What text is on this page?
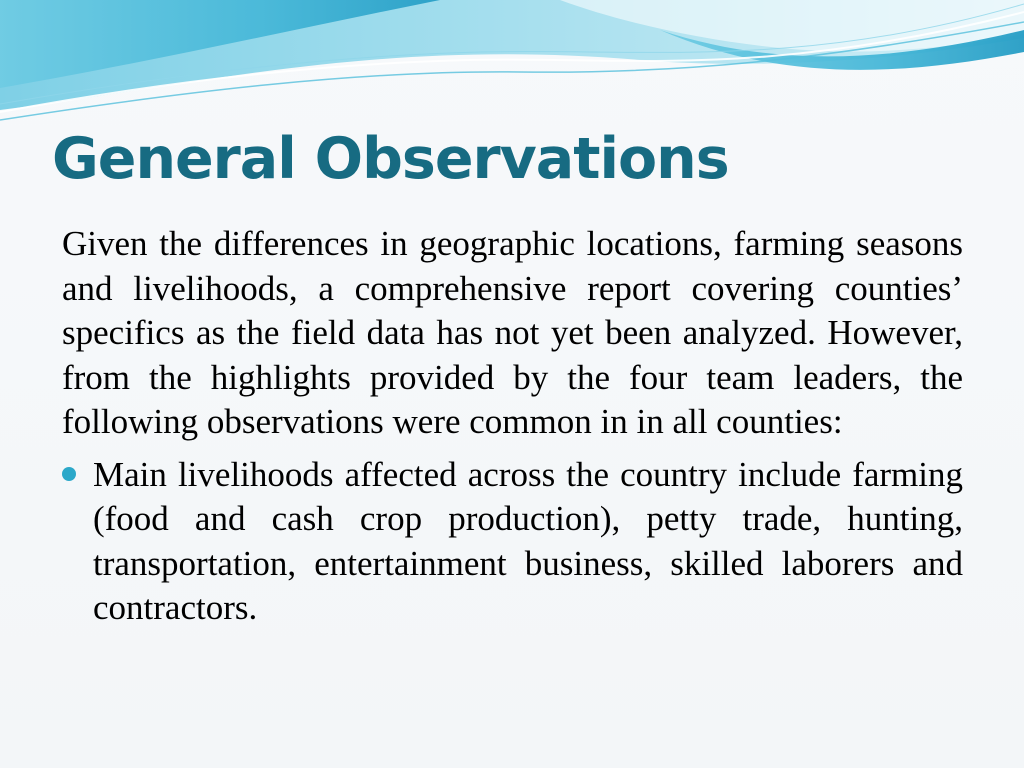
General Observations

Given the differences in geographic locations, farming seasons and livelihoods, a comprehensive report covering counties’ specifics as the field data has not yet been analyzed. However, from the highlights provided by the four team leaders, the following observations were common in in all counties:

Main livelihoods affected across the country include farming (food and cash crop production), petty trade, hunting, transportation, entertainment business, skilled laborers and contractors.
